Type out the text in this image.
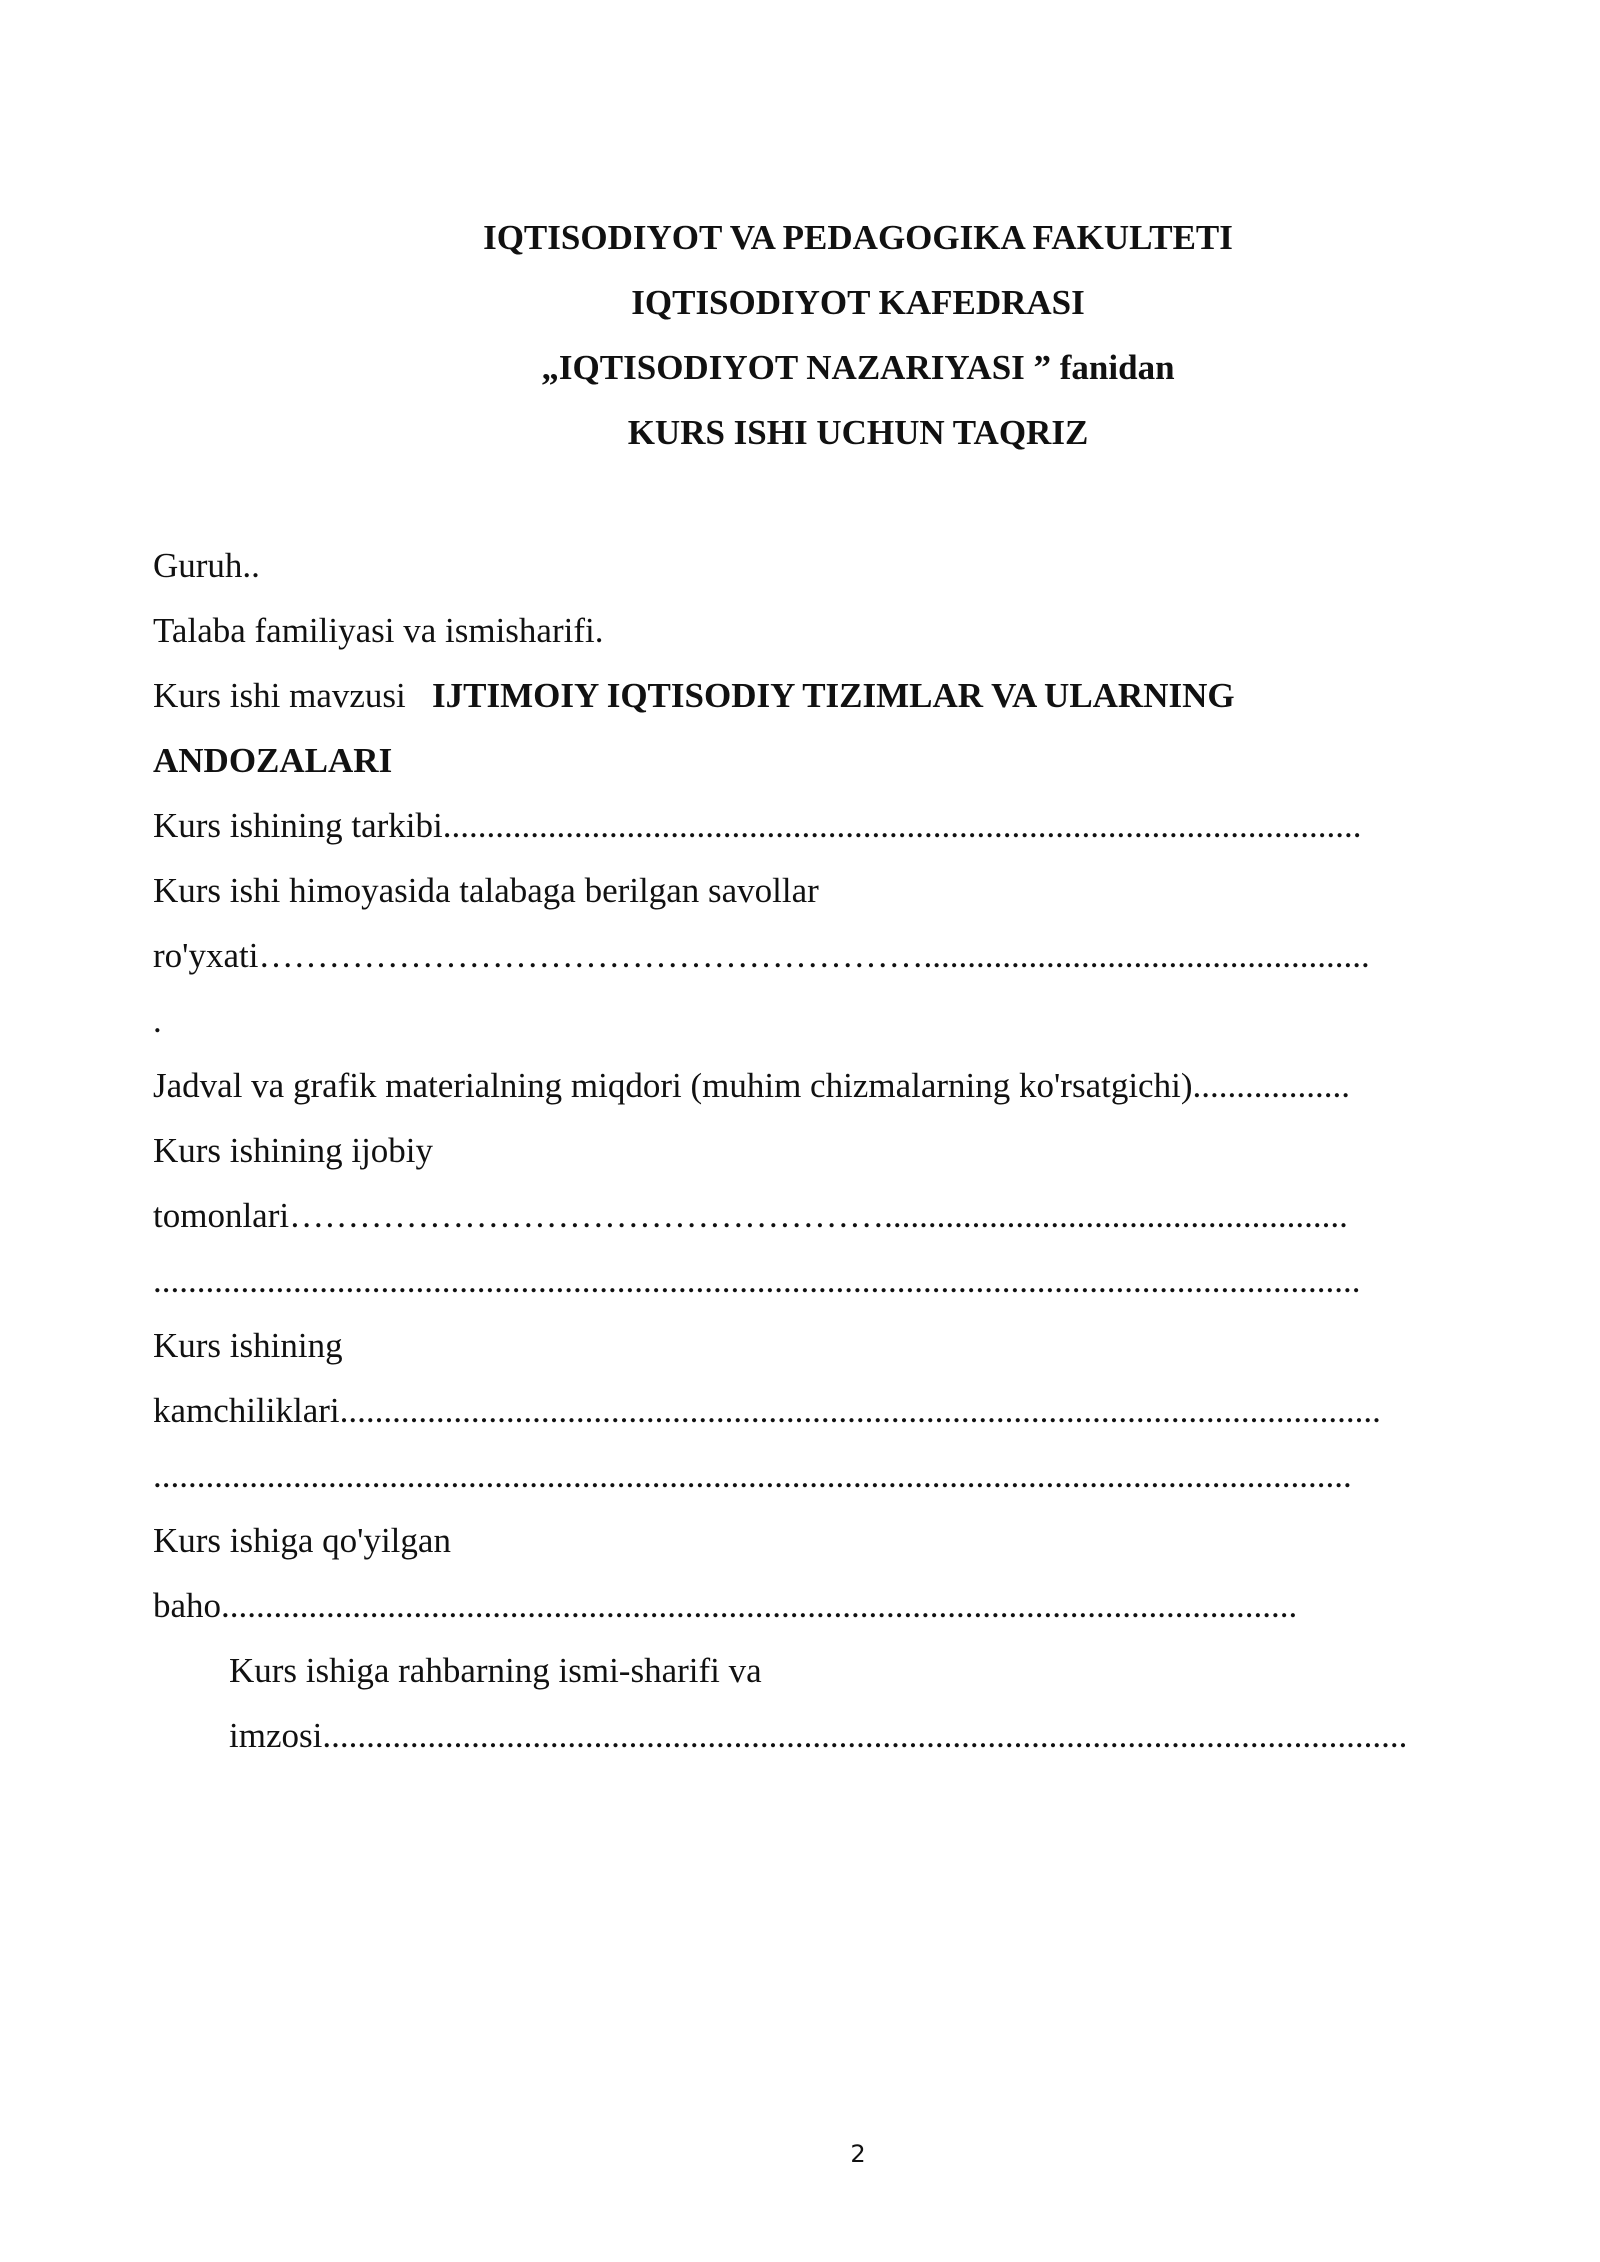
IQTISODIYOT VA PEDAGOGIKA FAKULTETI
IQTISODIYOT KAFEDRASI
„IQTISODIYOT NAZARIYASI ” fanidan
KURS ISHI UCHUN TAQRIZ
Guruh..
Talaba familiyasi va ismisharifi.
Kurs ishi mavzusi IJTIMOIY IQTISODIY TIZIMLAR VA ULARNING
ANDOZALARI
Kurs ishining tarkibi.........................................................................................................
Kurs ishi himoyasida talabaga berilgan savollar
ro'yxati…………………………………………………...................................................
.
Jadval va grafik materialning miqdori (muhim chizmalarning ko'rsatgichi)..................
Kurs ishining ijobiy
tomonlari…………………………………………….....................................................
..........................................................................................................................................
Kurs ishining
kamchiliklari.......................................................................................................................
.........................................................................................................................................
Kurs ishiga qo'yilgan
baho...........................................................................................................................
Kurs ishiga rahbarning ismi-sharifi va
imzosi............................................................................................................................
2
